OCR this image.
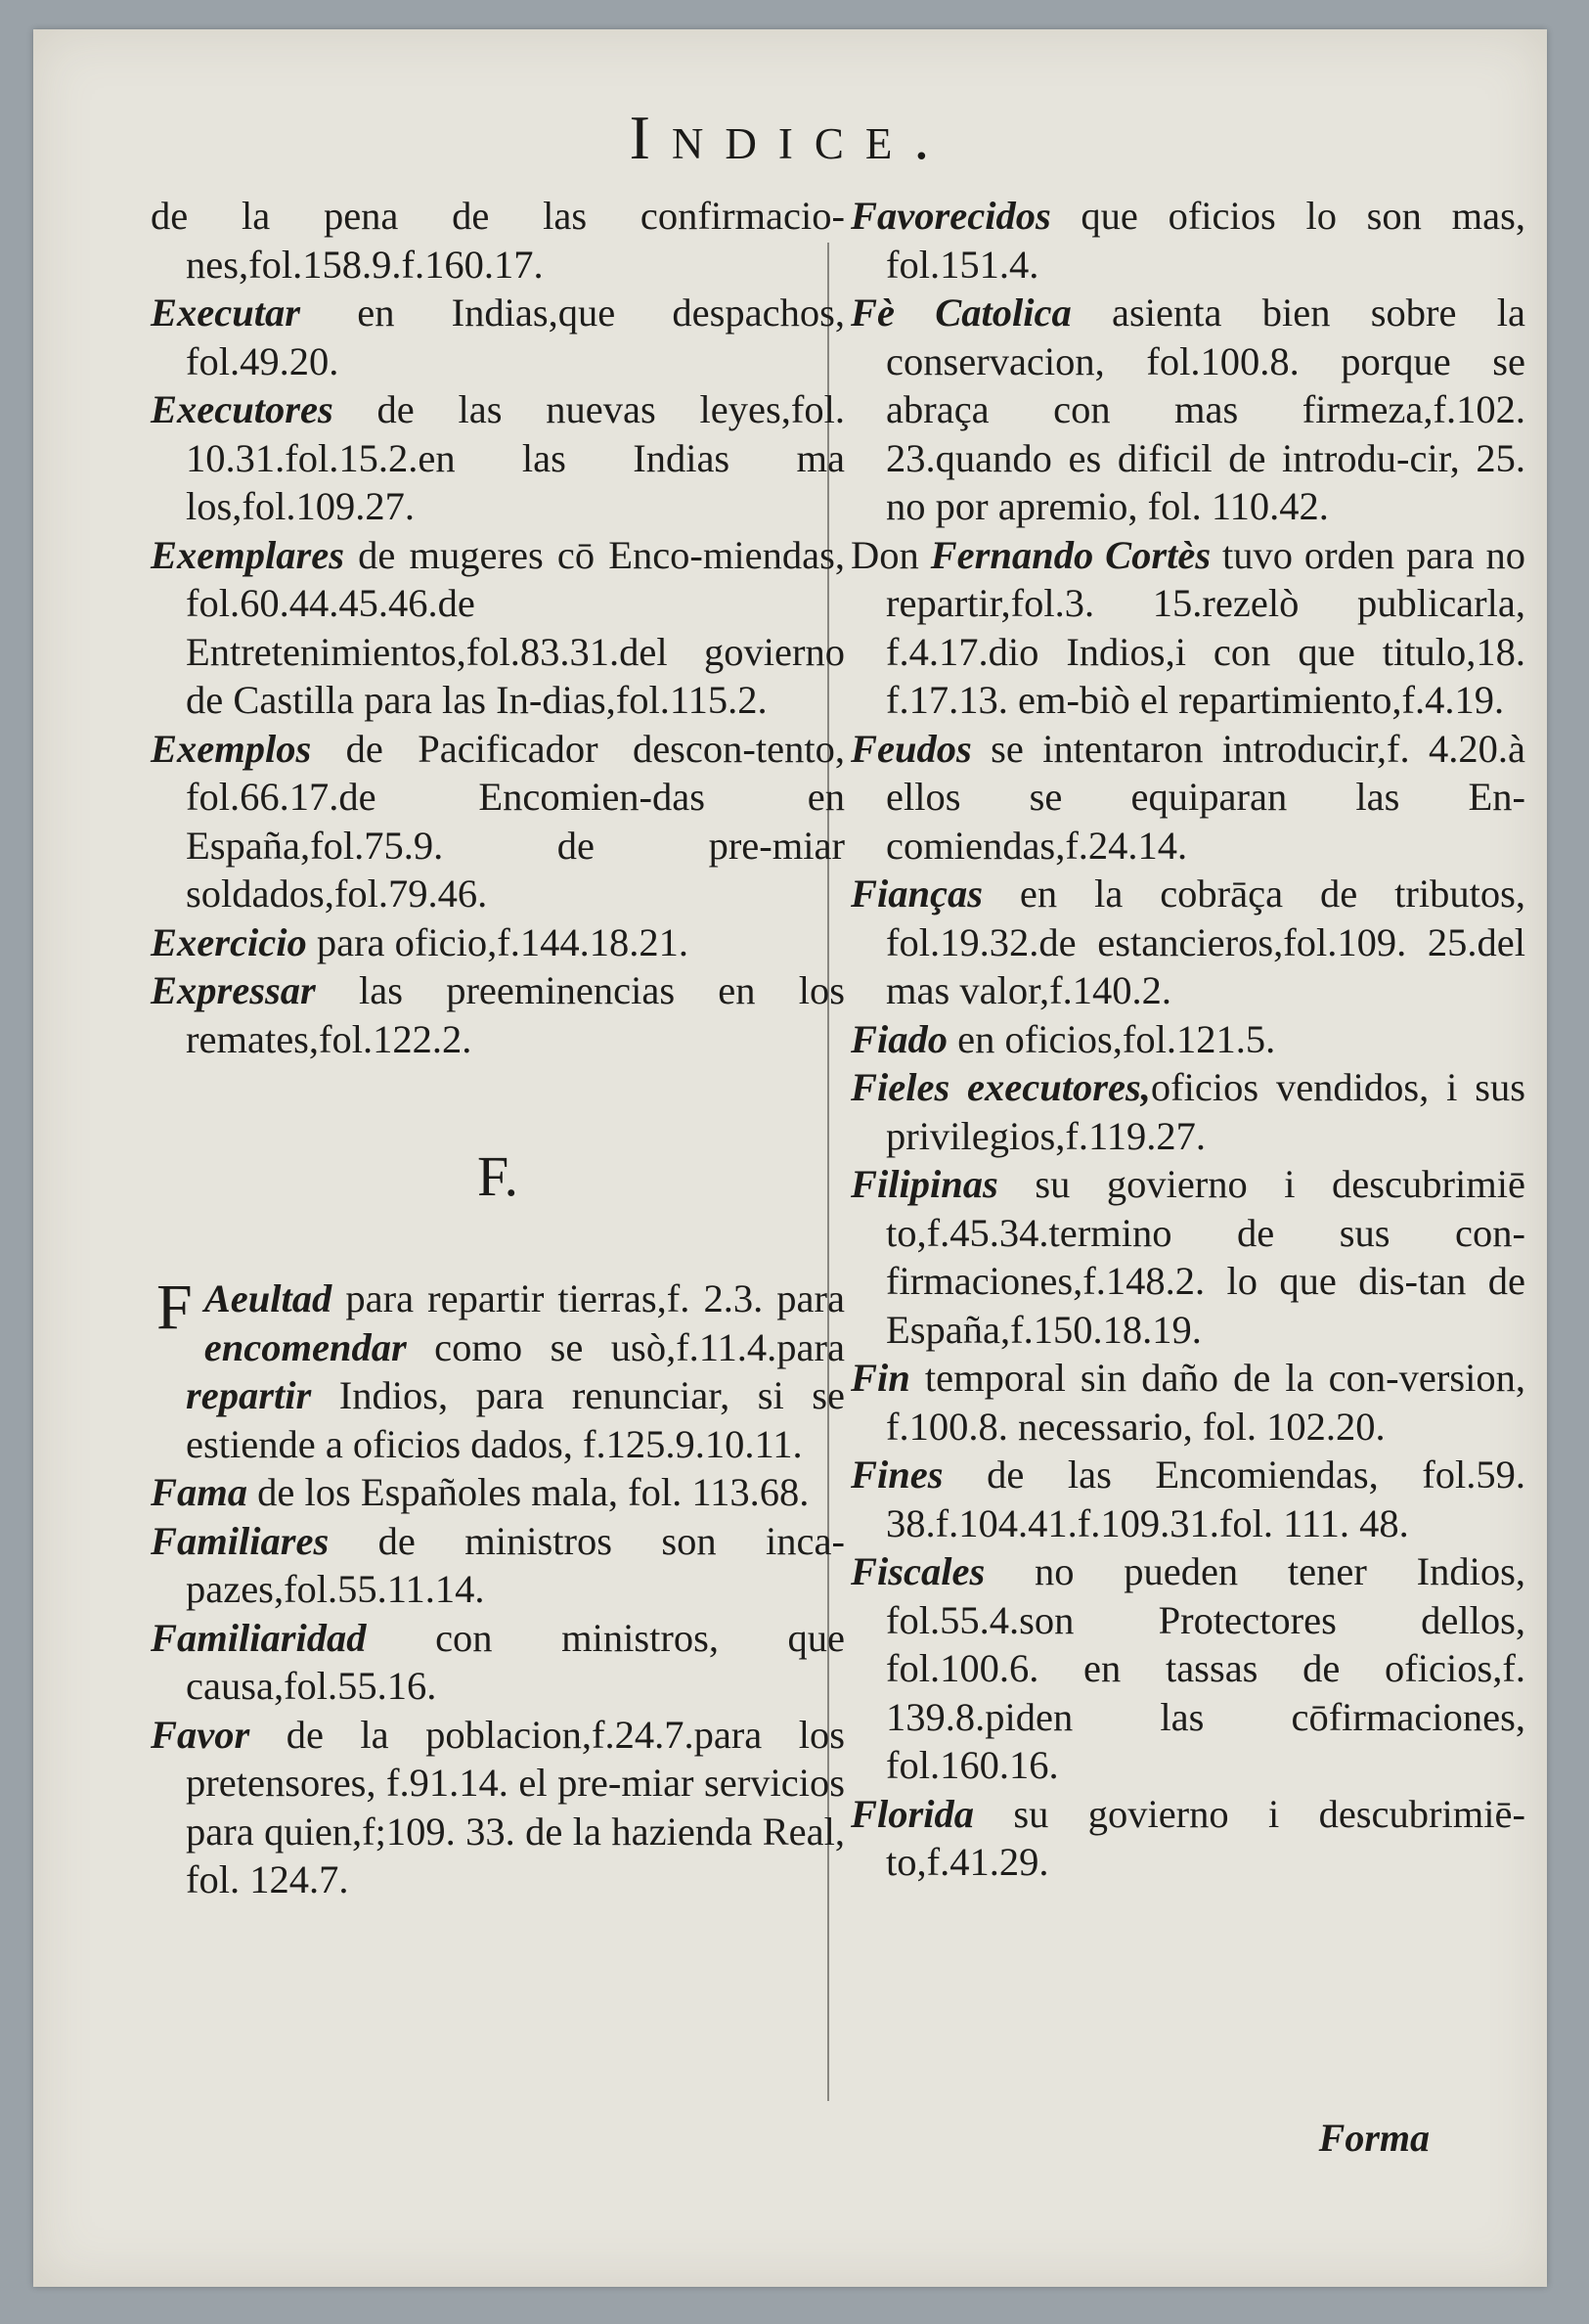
Indice.
de la pena de las confirmacio-nes,fol.158.9.f.160.17.
Executar en Indias,que despachos, fol.49.20.
Executores de las nuevas leyes,fol. 10.31.fol.15.2.en las Indias ma los,fol.109.27.
Exemplares de mugeres cō Enco-miendas, fol.60.44.45.46.de Entretenimientos,fol.83.31.del govierno de Castilla para las In-dias,fol.115.2.
Exemplos de Pacificador descon-tento, fol.66.17.de Encomien-das en España,fol.75.9. de pre-miar soldados,fol.79.46.
Exercicio para oficio,f.144.18.21.
Expressar las preeminencias en los remates,fol.122.2.
F.
F Aeultad para repartir tierras,f. 2.3. para encomendar como se usò,f.11.4.para repartir Indios, para renunciar, si se estiende a oficios dados, f.125.9.10.11.
Fama de los Españoles mala, fol. 113.68.
Familiares de ministros son inca-pazes,fol.55.11.14.
Familiaridad con ministros, que causa,fol.55.16.
Favor de la poblacion,f.24.7.para los pretensores, f.91.14. el pre-miar servicios para quien,f;109. 33. de la hazienda Real, fol. 124.7.
Favorecidos que oficios lo son mas, fol.151.4.
Fè Catolica asienta bien sobre la conservacion, fol.100.8. porque se abraça con mas firmeza,f.102. 23.quando es dificil de introdu-cir, 25. no por apremio, fol. 110.42.
Don Fernando Cortès tuvo orden para no repartir,fol.3. 15.rezelò publicarla, f.4.17.dio Indios,i con que titulo,18. f.17.13. em-biò el repartimiento,f.4.19.
Feudos se intentaron introducir,f. 4.20.à ellos se equiparan las En-comiendas,f.24.14.
Fianças en la cobrāça de tributos, fol.19.32.de estancieros,fol.109. 25.del mas valor,f.140.2.
Fiado en oficios,fol.121.5.
Fieles executores,oficios vendidos, i sus privilegios,f.119.27.
Filipinas su govierno i descubrimiē to,f.45.34.termino de sus con-firmaciones,f.148.2. lo que dis-tan de España,f.150.18.19.
Fin temporal sin daño de la con-version, f.100.8. necessario, fol. 102.20.
Fines de las Encomiendas, fol.59. 38.f.104.41.f.109.31.fol. 111. 48.
Fiscales no pueden tener Indios, fol.55.4.son Protectores dellos, fol.100.6. en tassas de oficios,f. 139.8.piden las cōfirmaciones, fol.160.16.
Florida su govierno i descubrimiē-to,f.41.29.
Forma
